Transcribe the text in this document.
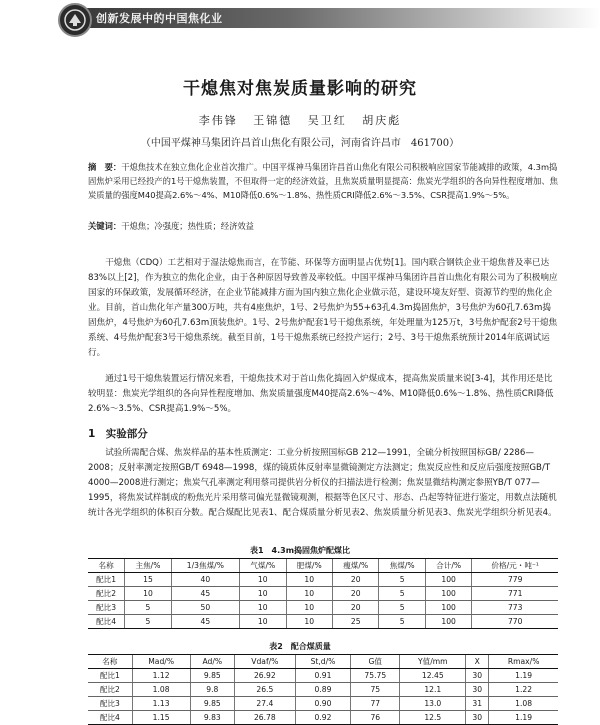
创新发展中的中国焦化业
干熄焦对焦炭质量影响的研究
李伟锋 王锦德 吴卫红 胡庆彪
（中国平煤神马集团许昌首山焦化有限公司，河南省许昌市　461700）
摘　要：干熄焦技术在独立焦化企业首次推广。中国平煤神马集团许昌首山焦化有限公司积极响应国家节能减排的政策，4.3m捣固焦炉采用已经投产的1号干熄焦装置，不但取得一定的经济效益，且焦炭质量明显提高：焦炭光学组织的各向异性程度增加、焦炭质量的强度M40提高2.6%～4%、M10降低0.6%～1.8%、热性质CRI降低2.6%～3.5%、CSR提高1.9%～5%。
关键词：干熄焦；冷强度；热性质；经济效益

干熄焦（CDQ）工艺相对于湿法熄焦而言，在节能、环保等方面明显占优势[1]。国内联合钢铁企业干熄焦普及率已达83%以上[2]，作为独立的焦化企业，由于各种原因导致普及率较低。中国平煤神马集团许昌首山焦化有限公司为了积极响应国家的环保政策，发展循环经济，在企业节能减排方面为国内独立焦化企业做示范，建设环境友好型、资源节约型的焦化企业。目前，首山焦化年产量300万吨，共有4座焦炉，1号、2号焦炉为55+63孔4.3m捣固焦炉，3号焦炉为60孔7.63m捣固焦炉，4号焦炉为60孔7.63m顶装焦炉。1号、2号焦炉配套1号干熄焦系统，年处理量为125万t，3号焦炉配套2号干熄焦系统、4号焦炉配套3号干熄焦系统。截至目前，1号干熄焦系统已经投产运行；2号、3号干熄焦系统预计2014年底调试运行。

通过1号干熄焦装置运行情况来看，干熄焦技术对于首山焦化捣固入炉煤成本，提高焦炭质量来说[3-4]，其作用还是比较明显：焦炭光学组织的各向异性程度增加、焦炭质量强度M40提高2.6%～4%、M10降低0.6%～1.8%、热性质CRI降低2.6%～3.5%、CSR提高1.9%～5%。

1　实验部分

试验所需配合煤、焦炭样品的基本性质测定：工业分析按照国标GB 212—1991，全硫分析按照国标GB/ 2286—2008；反射率测定按照GB/T 6948—1998，煤的镜质体反射率显微镜测定方法测定；焦炭反应性和反应后强度按照GB/T 4000—2008进行测定；焦炭气孔率测定利用蔡司提供岩分析仪的扫描法进行检测；焦炭显微结构测定参照YB/T 077—1995，将焦炭试样制成的粉焦光片采用蔡司偏光显微镜观测，根据等色区尺寸、形态、凸起等特征进行鉴定，用数点法随机统计各光学组织的体积百分数。配合煤配比见表1、配合煤质量分析见表2、焦炭质量分析见表3、焦炭光学组织分析见表4。

表1　4.3m捣固焦炉配煤比
名称	主焦/%	1/3焦煤/%	气煤/%	肥煤/%	瘦煤/%	焦煤/%	合计/%	价格/元・吨⁻¹
配比1	15	40	10	10	20	5	100	779
配比2	10	45	10	10	20	5	100	771
配比3	5	50	10	10	20	5	100	773
配比4	5	45	10	10	25	5	100	770
表2　配合煤质量
名称	Mad/%	Ad/%	Vdaf/%	St,d/%	G值	Y值/mm	X	Rmax/%
配比1	1.12	9.85	26.92	0.91	75.75	12.45	30	1.19
配比2	1.08	9.8	26.5	0.89	75	12.1	30	1.22
配比3	1.13	9.85	27.4	0.90	77	13.0	31	1.08
配比4	1.15	9.83	26.78	0.92	76	12.5	30	1.19
